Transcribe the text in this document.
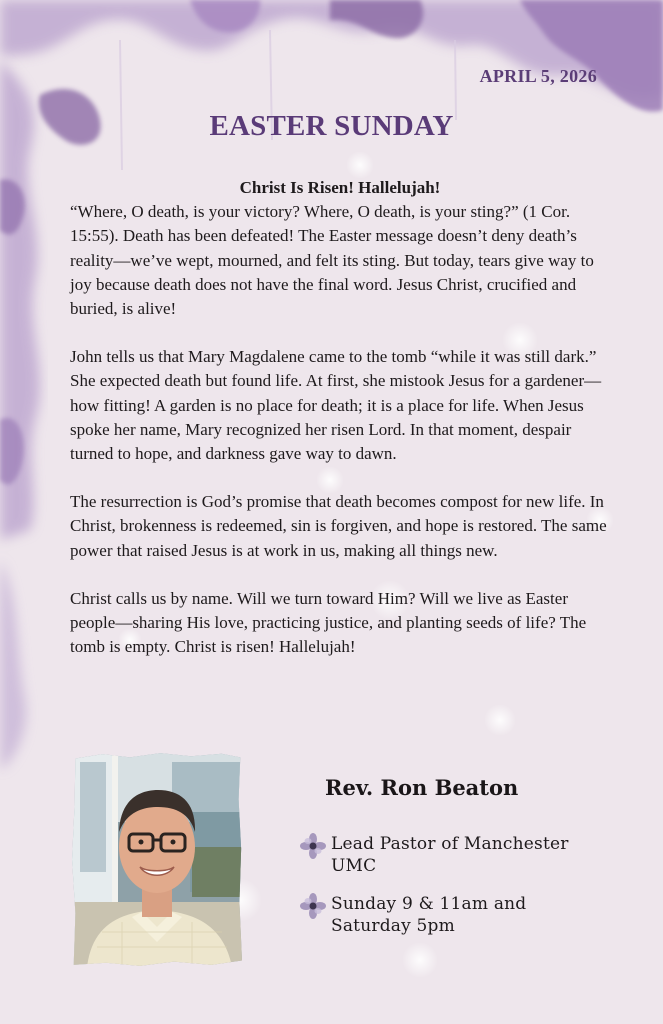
APRIL 5, 2026
EASTER SUNDAY

Christ Is Risen! Hallelujah!

“Where, O death, is your victory? Where, O death, is your sting?” (1 Cor. 15:55). Death has been defeated! The Easter message doesn’t deny death’s reality—we’ve wept, mourned, and felt its sting. But today, tears give way to joy because death does not have the final word. Jesus Christ, crucified and buried, is alive!

John tells us that Mary Magdalene came to the tomb “while it was still dark.” She expected death but found life. At first, she mistook Jesus for a gardener—how fitting! A garden is no place for death; it is a place for life. When Jesus spoke her name, Mary recognized her risen Lord. In that moment, despair turned to hope, and darkness gave way to dawn.

The resurrection is God’s promise that death becomes compost for new life. In Christ, brokenness is redeemed, sin is forgiven, and hope is restored. The same power that raised Jesus is at work in us, making all things new.

Christ calls us by name. Will we turn toward Him? Will we live as Easter people—sharing His love, practicing justice, and planting seeds of life? The tomb is empty. Christ is risen! Hallelujah!

Rev. Ron Beaton
Lead Pastor of Manchester UMC
Sunday 9 & 11am and Saturday 5pm
